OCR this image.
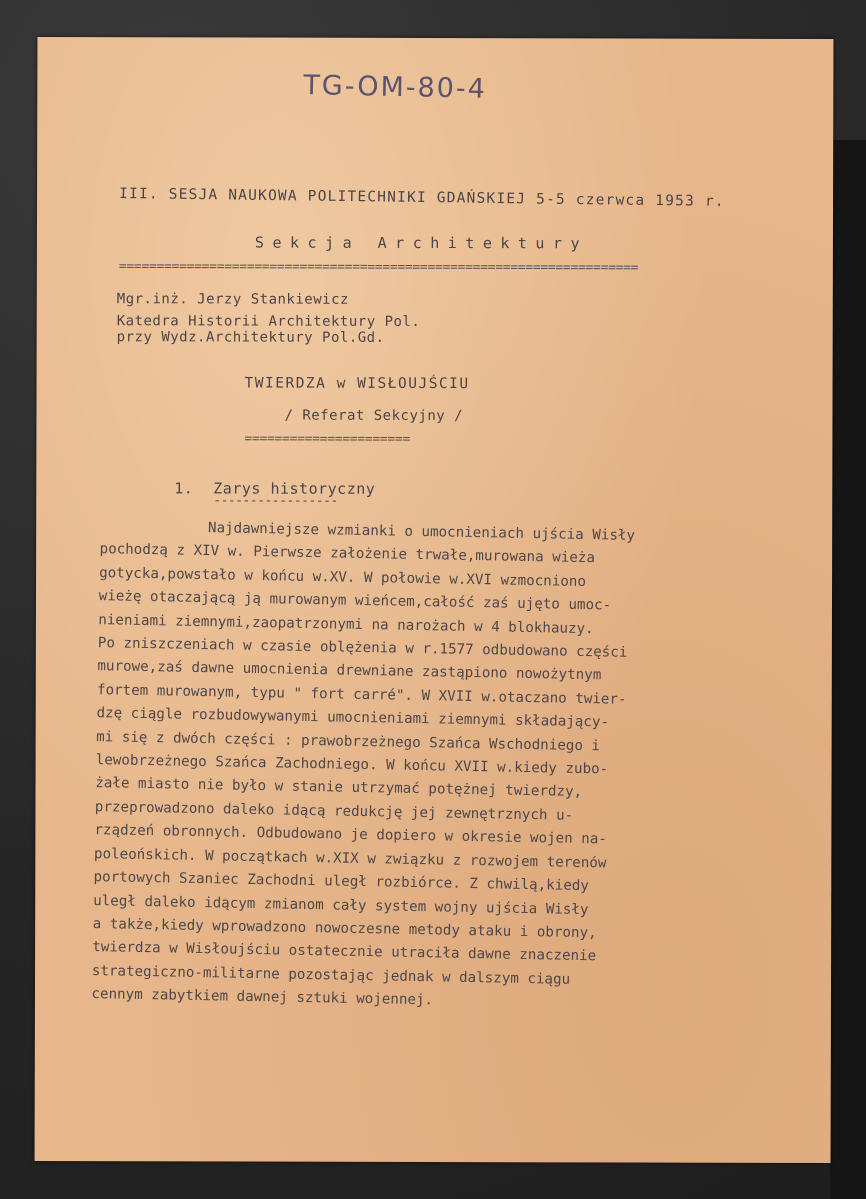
TG-OM-80-4
III. SESJA NAUKOWA POLITECHNIKI GDAŃSKIEJ 5-5 czerwca 1953 r.
Sekcja Architektury
=====================================================================
Mgr.inż. Jerzy Stankiewicz
Katedra Historii Architektury Pol.
przy Wydz.Architektury Pol.Gd.
TWIERDZA w WISŁOUJŚCIU
/ Referat Sekcyjny /
======================
1. Zarys historyczny
-----------------
Najdawniejsze wzmianki o umocnieniach ujścia Wisły
pochodzą z XIV w. Pierwsze założenie trwałe,murowana wieża
gotycka,powstało w końcu w.XV. W połowie w.XVI wzmocniono
wieżę otaczającą ją murowanym wieńcem,całość zaś ujęto umoc-
nieniami ziemnymi,zaopatrzonymi na narożach w 4 blokhauzy.
Po zniszczeniach w czasie oblężenia w r.1577 odbudowano części
murowe,zaś dawne umocnienia drewniane zastąpiono nowożytnym
fortem murowanym, typu " fort carré". W XVII w.otaczano twier-
dzę ciągle rozbudowywanymi umocnieniami ziemnymi składający-
mi się z dwóch części : prawobrzeżnego Szańca Wschodniego i
lewobrzeżnego Szańca Zachodniego. W końcu XVII w.kiedy zubo-
żałe miasto nie było w stanie utrzymać potężnej twierdzy,
przeprowadzono daleko idącą redukcję jej zewnętrznych u-
rządzeń obronnych. Odbudowano je dopiero w okresie wojen na-
poleońskich. W początkach w.XIX w związku z rozwojem terenów
portowych Szaniec Zachodni uległ rozbiórce. Z chwilą,kiedy
uległ daleko idącym zmianom cały system wojny ujścia Wisły
a także,kiedy wprowadzono nowoczesne metody ataku i obrony,
twierdza w Wisłoujściu ostatecznie utraciła dawne znaczenie
strategiczno-militarne pozostając jednak w dalszym ciągu
cennym zabytkiem dawnej sztuki wojennej.
